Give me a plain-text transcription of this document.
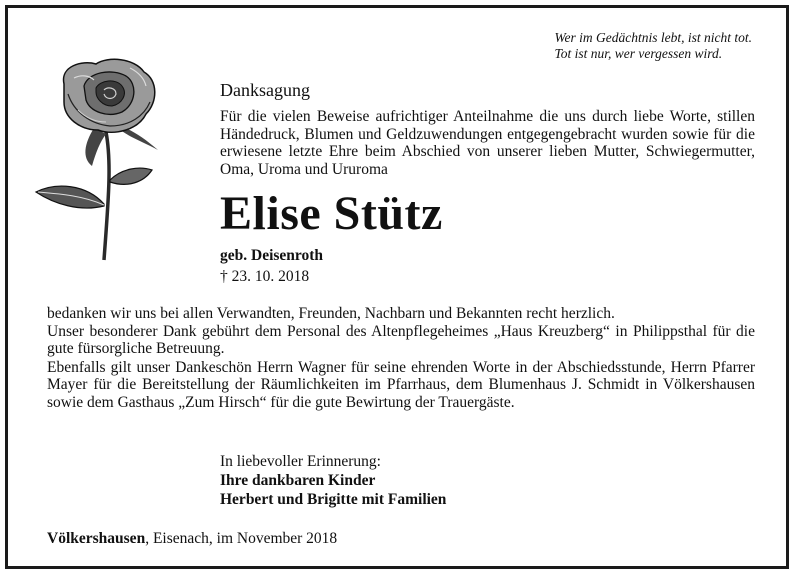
Wer im Gedächtnis lebt, ist nicht tot.
Tot ist nur, wer vergessen wird.
Danksagung
Für die vielen Beweise aufrichtiger Anteilnahme die uns durch liebe Worte, stillen Händedruck, Blumen und Geldzuwendungen entgegengebracht wurden sowie für die erwiesene letzte Ehre beim Abschied von unserer lieben Mutter, Schwiegermutter, Oma, Uroma und Ururoma
Elise Stütz
geb. Deisenroth
† 23. 10. 2018

bedanken wir uns bei allen Verwandten, Freunden, Nachbarn und Bekannten recht herzlich.

Unser besonderer Dank gebührt dem Personal des Altenpflegeheimes „Haus Kreuzberg“ in Philippsthal für die gute fürsorgliche Betreuung.

Ebenfalls gilt unser Dankeschön Herrn Wagner für seine ehrenden Worte in der Abschiedsstunde, Herrn Pfarrer Mayer für die Bereitstellung der Räumlichkeiten im Pfarrhaus, dem Blumenhaus J. Schmidt in Völkershausen sowie dem Gasthaus „Zum Hirsch“ für die gute Bewirtung der Trauergäste.

In liebevoller Erinnerung:
Ihre dankbaren Kinder
Herbert und Brigitte mit Familien
Völkershausen, Eisenach, im November 2018
